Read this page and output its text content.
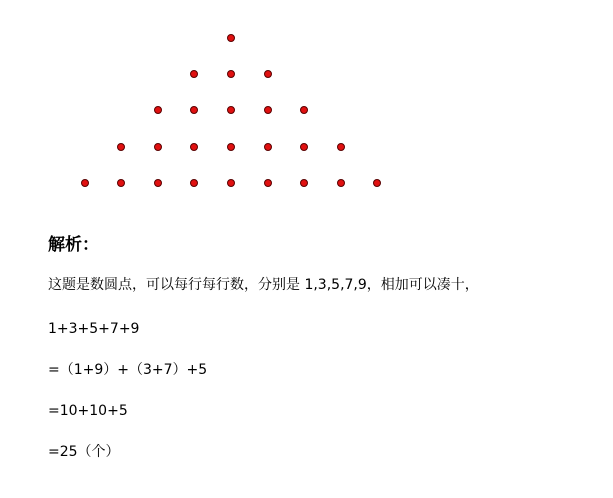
解析：

这题是数圆点，可以每行每行数，分别是 1,3,5,7,9，相加可以凑十，

1+3+5+7+9

=（1+9）+（3+7）+5

=10+10+5

=25（个）
